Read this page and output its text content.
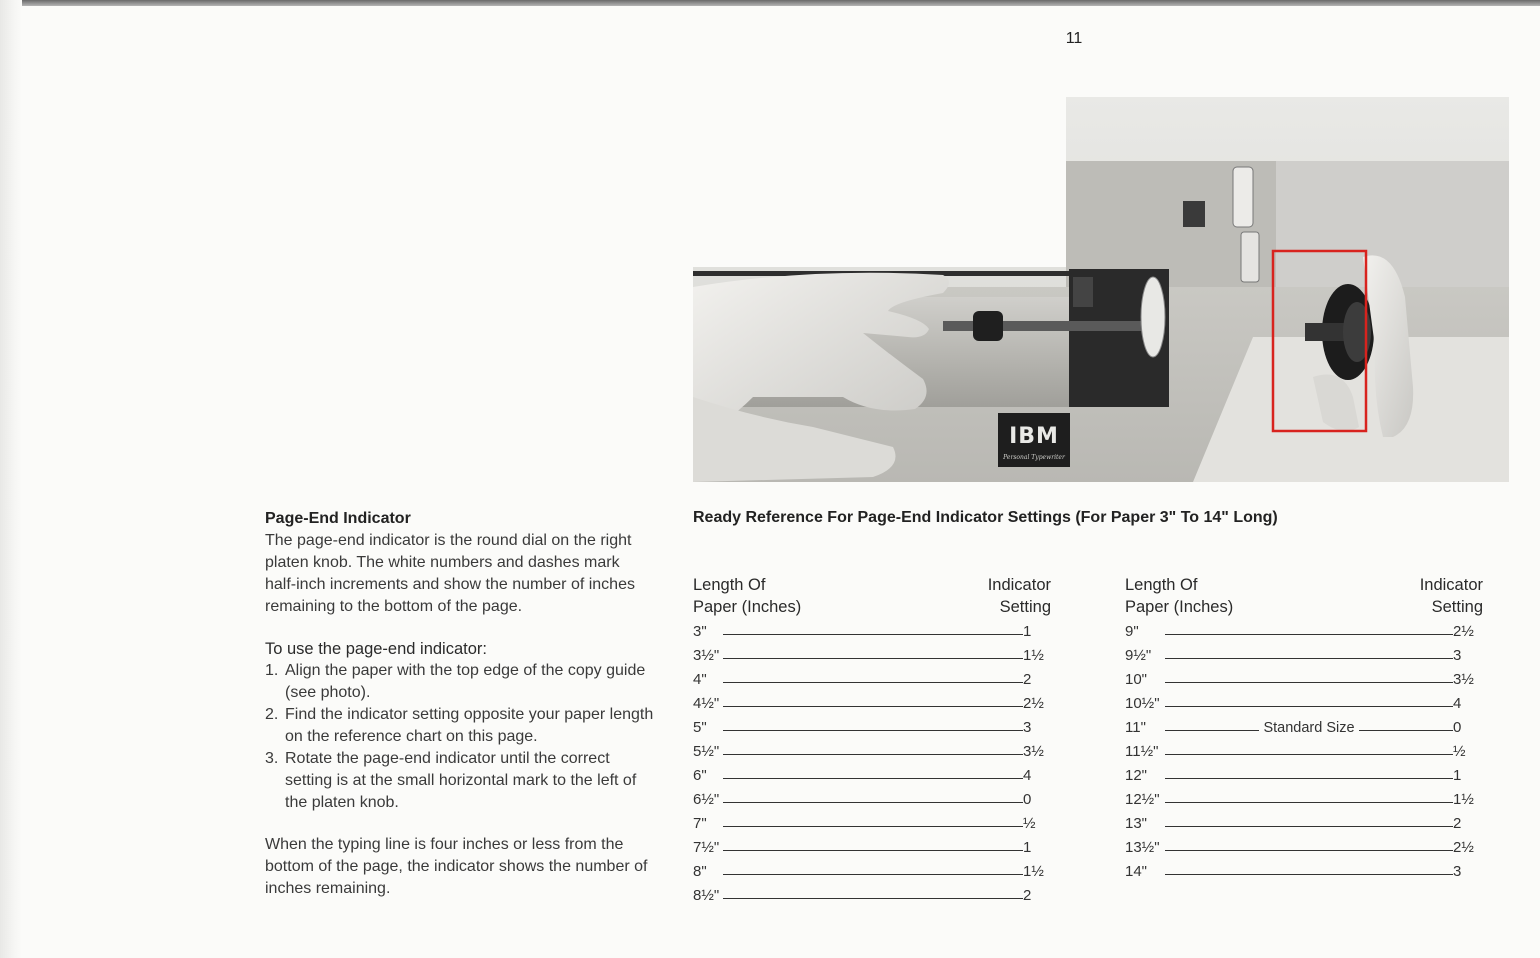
11
IBM
Personal Typewriter
Page-End Indicator

The page-end indicator is the round dial on the right platen knob. The white numbers and dashes mark half-inch increments and show the number of inches remaining to the bottom of the page.

To use the page-end indicator:

1. Align the paper with the top edge of the copy guide (see photo).
2. Find the indicator setting opposite your paper length on the reference chart on this page.
3. Rotate the page-end indicator until the correct setting is at the small horizontal mark to the left of the platen knob.

When the typing line is four inches or less from the bottom of the page, the indicator shows the number of inches remaining.

Ready Reference For Page-End Indicator Settings (For Paper 3" To 14" Long)
Length Of
Paper (Inches)
Indicator
Setting
3"	1
3½"	1½
4"	2
4½"	2½
5"	3
5½"	3½
6"	4
6½"	0
7"	½
7½"	1
8"	1½
8½"	2
Length Of
Paper (Inches)
Indicator
Setting
9"	2½
9½"	3
10"	3½
10½"	4
11"	Standard Size	0
11½"	½
12"	1
12½"	1½
13"	2
13½"	2½
14"	3
